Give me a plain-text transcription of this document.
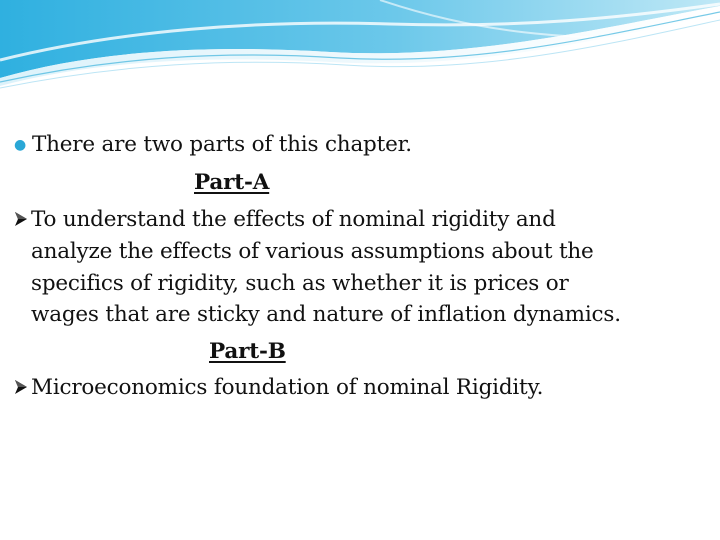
● There are two parts of this chapter.
Part-A
To understand the effects of nominal rigidity and
analyze the effects of various assumptions about the
specifics of rigidity, such as whether it is prices or
wages that are sticky and nature of inflation dynamics.
Part-B
Microeconomics foundation of nominal Rigidity.
